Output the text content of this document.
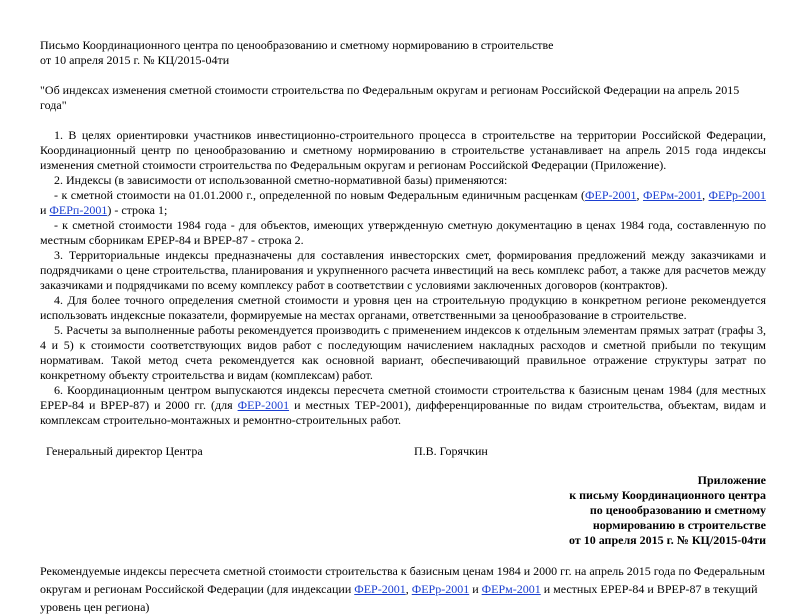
Письмо Координационного центра по ценообразованию и сметному нормированию в строительстве
от 10 апреля 2015 г. № КЦ/2015-04ти
"Об индексах изменения сметной стоимости строительства по Федеральным округам и регионам Российской Федерации на апрель 2015 года"

1. В целях ориентировки участников инвестиционно-строительного процесса в строительстве на территории Российской Федерации, Координационный центр по ценообразованию и сметному нормированию в строительстве устанавливает на апрель 2015 года индексы изменения сметной стоимости строительства по Федеральным округам и регионам Российской Федерации (Приложение).

2. Индексы (в зависимости от использованной сметно-нормативной базы) применяются:

- к сметной стоимости на 01.01.2000 г., определенной по новым Федеральным единичным расценкам (ФЕР-2001, ФЕРм-2001, ФЕРр-2001 и ФЕРп-2001) - строка 1;

- к сметной стоимости 1984 года - для объектов, имеющих утвержденную сметную документацию в ценах 1984 года, составленную по местным сборникам ЕРЕР-84 и ВРЕР-87 - строка 2.

3. Территориальные индексы предназначены для составления инвесторских смет, формирования предложений между заказчиками и подрядчиками о цене строительства, планирования и укрупненного расчета инвестиций на весь комплекс работ, а также для расчетов между заказчиками и подрядчиками по всему комплексу работ в соответствии с условиями заключенных договоров (контрактов).

4. Для более точного определения сметной стоимости и уровня цен на строительную продукцию в конкретном регионе рекомендуется использовать индексные показатели, формируемые на местах органами, ответственными за ценообразование в строительстве.

5. Расчеты за выполненные работы рекомендуется производить с применением индексов к отдельным элементам прямых затрат (графы 3, 4 и 5) к стоимости соответствующих видов работ с последующим начислением накладных расходов и сметной прибыли по текущим нормативам. Такой метод счета рекомендуется как основной вариант, обеспечивающий правильное отражение структуры затрат по конкретному объекту строительства и видам (комплексам) работ.

6. Координационным центром выпускаются индексы пересчета сметной стоимости строительства к базисным ценам 1984 (для местных ЕРЕР-84 и ВРЕР-87) и 2000 гг. (для ФЕР-2001 и местных ТЕР-2001), дифференцированные по видам строительства, объектам, видам и комплексам строительно-монтажных и ремонтно-строительных работ.

Генеральный директор Центра	П.В. Горячкин
Приложение
к письму Координационного центра
по ценообразованию и сметному
нормированию в строительстве
от 10 апреля 2015 г. № КЦ/2015-04ти
Рекомендуемые индексы пересчета сметной стоимости строительства к базисным ценам 1984 и 2000 гг. на апрель 2015 года по Федеральным округам и регионам Российской Федерации (для индексации ФЕР-2001, ФЕРр-2001 и ФЕРм-2001 и местных ЕРЕР-84 и ВРЕР-87 в текущий уровень цен региона)
